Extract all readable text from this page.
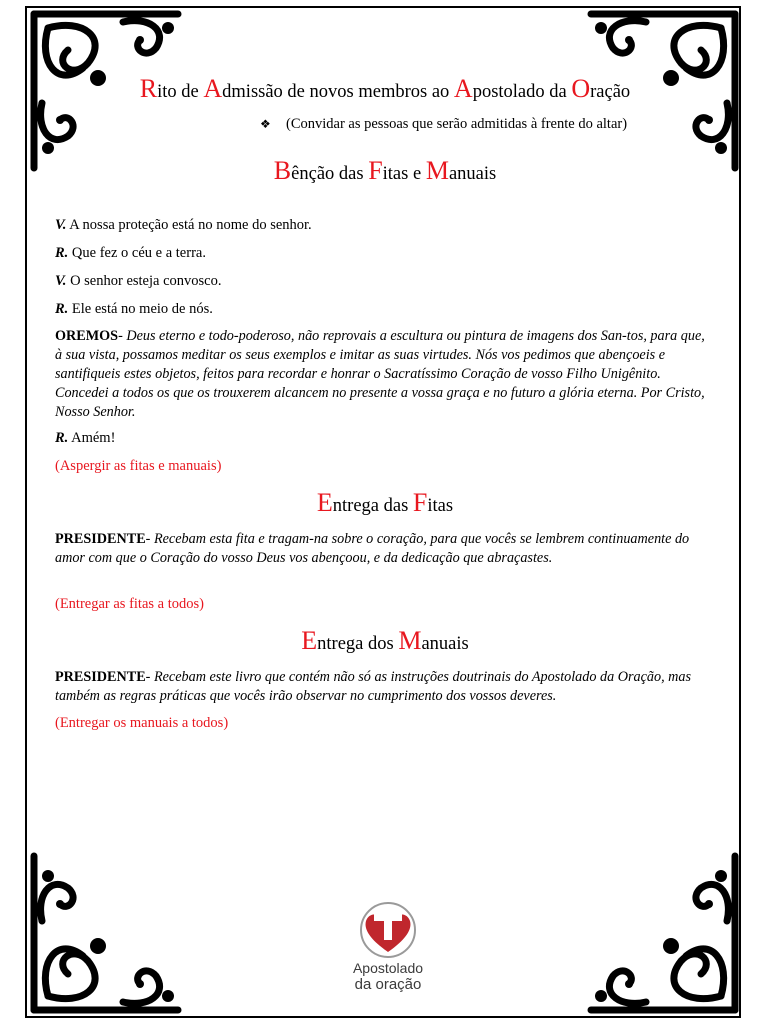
Rito de Admissão de novos membros ao Apostolado da Oração
❖ (Convidar as pessoas que serão admitidas à frente do altar)
Bênção das Fitas e Manuais
V. A nossa proteção está no nome do senhor.
R. Que fez o céu e a terra.
V. O senhor esteja convosco.
R. Ele está no meio de nós.
OREMOS- Deus eterno e todo-poderoso, não reprovais a escultura ou pintura de imagens dos San-tos, para que, à sua vista, possamos meditar os seus exemplos e imitar as suas virtudes. Nós vos pedimos que abençoeis e santifiqueis estes objetos, feitos para recordar e honrar o Sacratíssimo Coração de vosso Filho Unigênito. Concedei a todos os que os trouxerem alcancem no presente a vossa graça e no futuro a glória eterna. Por Cristo, Nosso Senhor.
R. Amém!
(Aspergir as fitas e manuais)
Entrega das Fitas
PRESIDENTE- Recebam esta fita e tragam-na sobre o coração, para que vocês se lembrem continuamente do amor com que o Coração do vosso Deus vos abençoou, e da dedicação que abraçastes.
(Entregar as fitas a todos)
Entrega dos Manuais
PRESIDENTE- Recebam este livro que contém não só as instruções doutrinais do Apostolado da Oração, mas também as regras práticas que vocês irão observar no cumprimento dos vossos deveres.
(Entregar os manuais a todos)
Apostolado
da oração
